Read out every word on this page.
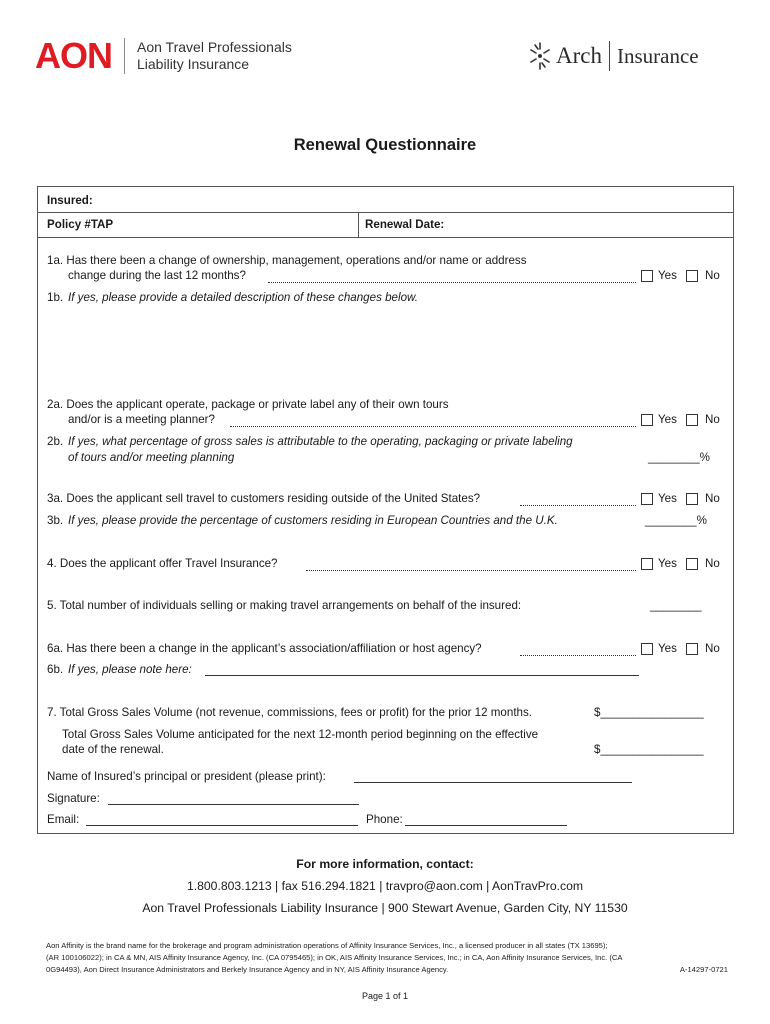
AON Aon Travel Professionals
Liability Insurance	Arch Insurance
Renewal Questionnaire
Insured:
Policy #TAP	Renewal Date:
1a. Has there been a change of ownership, management, operations and/or name or address
change during the last 12 months?	Yes No
1b. If yes, please provide a detailed description of these changes below.
2a. Does the applicant operate, package or private label any of their own tours
and/or is a meeting planner?	Yes No
2b. If yes, what percentage of gross sales is attributable to the operating, packaging or private labeling
of tours and/or meeting planning	________%
3a. Does the applicant sell travel to customers residing outside of the United States?	Yes No
3b. If yes, please provide the percentage of customers residing in European Countries and the U.K.	________%
4. Does the applicant offer Travel Insurance?	Yes No
5. Total number of individuals selling or making travel arrangements on behalf of the insured:	________
6a. Has there been a change in the applicant’s association/affiliation or host agency?	Yes No
6b. If yes, please note here:
7. Total Gross Sales Volume (not revenue, commissions, fees or profit) for the prior 12 months.	$________________
Total Gross Sales Volume anticipated for the next 12-month period beginning on the effective
date of the renewal.	$________________
Name of Insured’s principal or president (please print):
Signature:
Email:	Phone:
For more information, contact:
1.800.803.1213 | fax 516.294.1821 | travpro@aon.com | AonTravPro.com
Aon Travel Professionals Liability Insurance | 900 Stewart Avenue, Garden City, NY 11530
Aon Affinity is the brand name for the brokerage and program administration operations of Affinity Insurance Services, Inc., a licensed producer in all states (TX 13695);
(AR 100106022); in CA & MN, AIS Affinity Insurance Agency, Inc. (CA 0795465); in OK, AIS Affinity Insurance Services, Inc.; in CA, Aon Affinity Insurance Services, Inc. (CA
0G94493), Aon Direct Insurance Administrators and Berkely Insurance Agency and in NY, AIS Affinity Insurance Agency.	A-14297-0721
Page 1 of 1
